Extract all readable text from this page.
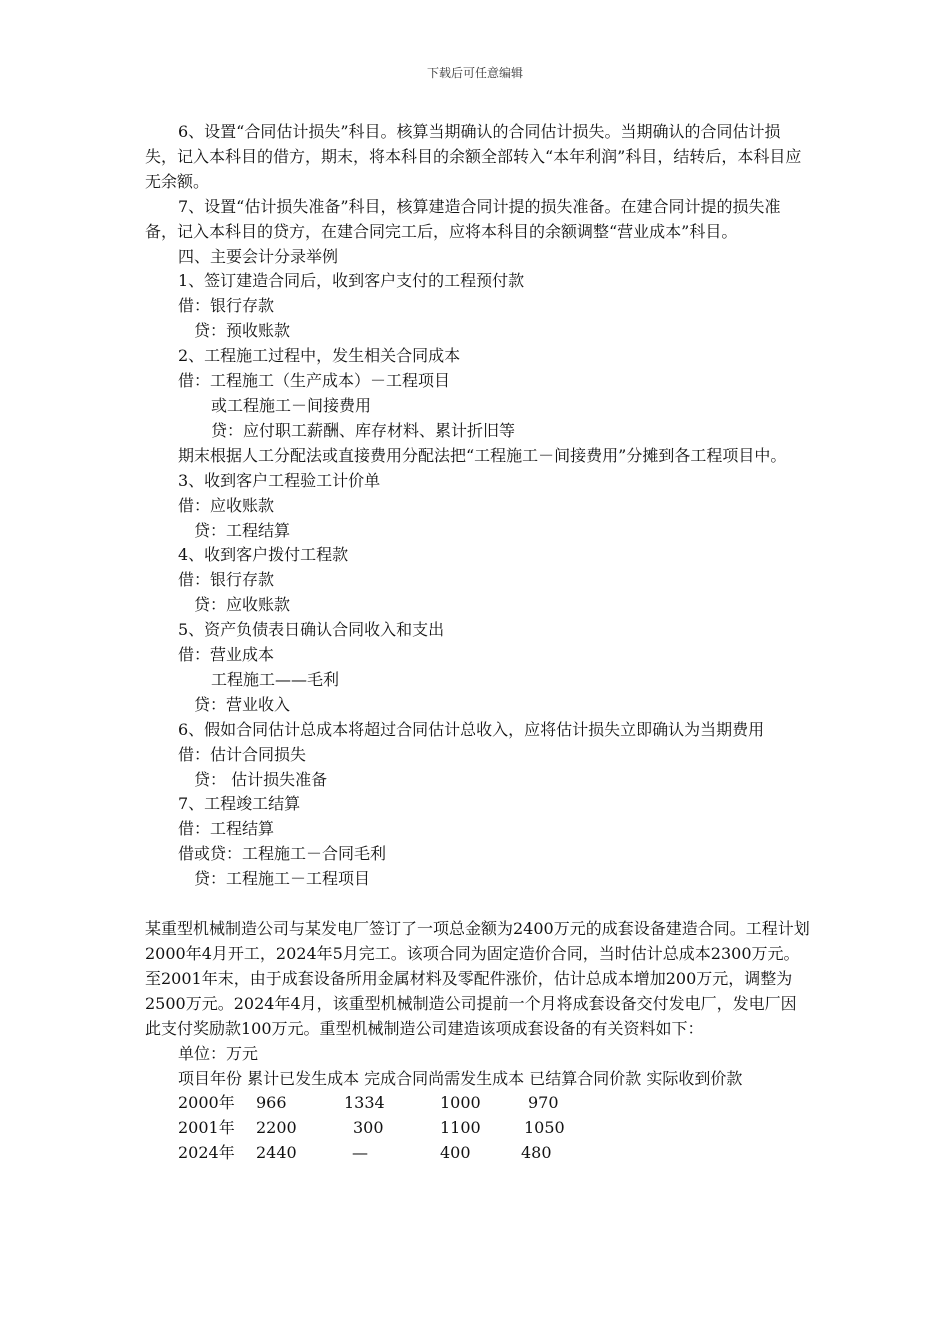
下载后可任意编辑

6、设置“合同估计损失”科目。核算当期确认的合同估计损失。当期确认的合同估计损失，记入本科目的借方，期末，将本科目的余额全部转入“本年利润”科目，结转后，本科目应无余额。

7、设置“估计损失准备”科目，核算建造合同计提的损失准备。在建合同计提的损失准备，记入本科目的贷方，在建合同完工后，应将本科目的余额调整“营业成本”科目。

四、主要会计分录举例

1、签订建造合同后，收到客户支付的工程预付款

借：银行存款

贷：预收账款

2、工程施工过程中，发生相关合同成本

借：工程施工（生产成本）－工程项目

或工程施工－间接费用

贷：应付职工薪酬、库存材料、累计折旧等

期末根据人工分配法或直接费用分配法把“工程施工－间接费用”分摊到各工程项目中。

3、收到客户工程验工计价单

借：应收账款

贷：工程结算

4、收到客户拨付工程款

借：银行存款

贷：应收账款

5、资产负债表日确认合同收入和支出

借：营业成本

工程施工——毛利

贷：营业收入

6、假如合同估计总成本将超过合同估计总收入，应将估计损失立即确认为当期费用

借：估计合同损失

贷： 估计损失准备

7、工程竣工结算

借：工程结算

借或贷：工程施工－合同毛利

贷：工程施工－工程项目

某重型机械制造公司与某发电厂签订了一项总金额为2400万元的成套设备建造合同。工程计划2000年4月开工，2024年5月完工。该项合同为固定造价合同，当时估计总成本2300万元。至2001年末，由于成套设备所用金属材料及零配件涨价，估计总成本增加200万元，调整为2500万元。2024年4月，该重型机械制造公司提前一个月将成套设备交付发电厂，发电厂因此支付奖励款100万元。重型机械制造公司建造该项成套设备的有关资料如下：

单位：万元

项目年份 累计已发生成本 完成合同尚需发生成本 已结算合同价款 实际收到价款

2000年 966	1334	1000	970
2001年 2200	300	1100	1050
2024年 2440	—	400	480
